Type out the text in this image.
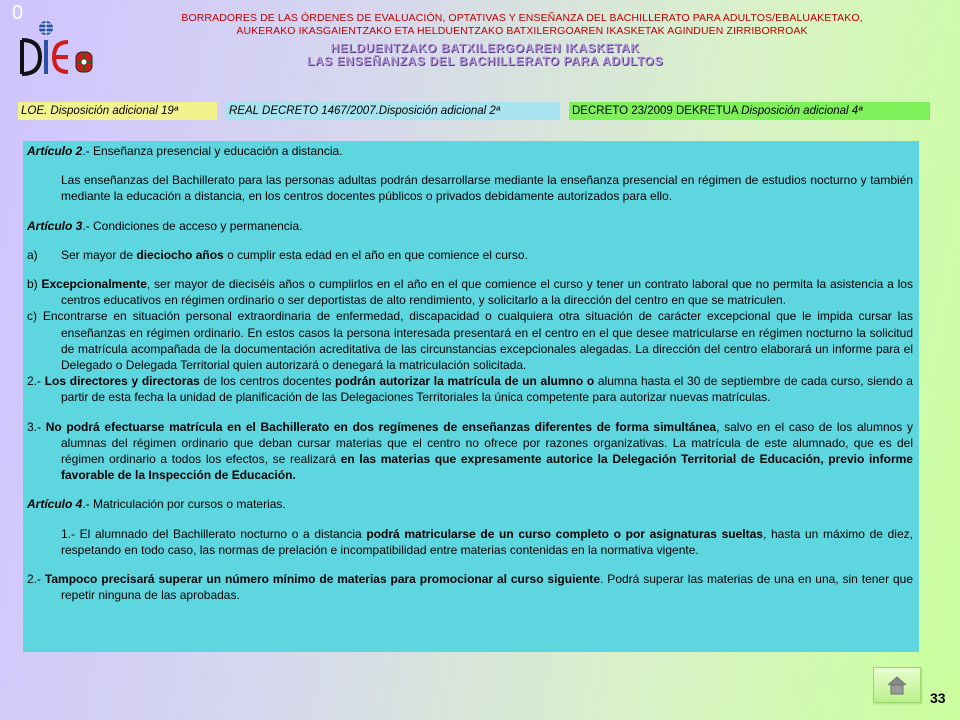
0	BORRADORES DE LAS ÓRDENES DE EVALUACIÓN, OPTATIVAS Y ENSEÑANZA DEL BACHILLERATO PARA ADULTOS/EBALUAKETAKO,
AUKERAKO IKASGAIENTZAKO ETA HELDUENTZAKO BATXILERGOAREN IKASKETAK AGINDUEN ZIRRIBORROAK
HELDUENTZAKO BATXILERGOAREN IKASKETAK
LAS ENSEÑANZAS DEL BACHILLERATO PARA ADULTOS
LOE. Disposición adicional 19ª	REAL DECRETO 1467/2007.Disposición adicional 2ª	DECRETO 23/2009 DEKRETUA Disposición adicional 4ª

Artículo 2.- Enseñanza presencial y educación a distancia.

Las enseñanzas del Bachillerato para las personas adultas podrán desarrollarse mediante la enseñanza presencial en régimen de estudios nocturno y también mediante la educación a distancia, en los centros docentes públicos o privados debidamente autorizados para ello.

Artículo 3.- Condiciones de acceso y permanencia.

a) Ser mayor de dieciocho años o cumplir esta edad en el año en que comience el curso.

b) Excepcionalmente, ser mayor de dieciséis años o cumplirlos en el año en el que comience el curso y tener un contrato laboral que no permita la asistencia a los centros educativos en régimen ordinario o ser deportistas de alto rendimiento, y solicitarlo a la dirección del centro en que se matriculen.

c) Encontrarse en situación personal extraordinaria de enfermedad, discapacidad o cualquiera otra situación de carácter excepcional que le impida cursar las enseñanzas en régimen ordinario. En estos casos la persona interesada presentará en el centro en el que desee matricularse en régimen nocturno la solicitud de matrícula acompañada de la documentación acreditativa de las circunstancias excepcionales alegadas. La dirección del centro elaborará un informe para el Delegado o Delegada Territorial quien autorizará o denegará la matriculación solicitada.

2.- Los directores y directoras de los centros docentes podrán autorizar la matrícula de un alumno o alumna hasta el 30 de septiembre de cada curso, siendo a partir de esta fecha la unidad de planificación de las Delegaciones Territoriales la única competente para autorizar nuevas matrículas.

3.- No podrá efectuarse matrícula en el Bachillerato en dos regímenes de enseñanzas diferentes de forma simultánea, salvo en el caso de los alumnos y alumnas del régimen ordinario que deban cursar materias que el centro no ofrece por razones organizativas. La matrícula de este alumnado, que es del régimen ordinario a todos los efectos, se realizará en las materias que expresamente autorice la Delegación Territorial de Educación, previo informe favorable de la Inspección de Educación.

Artículo 4.- Matriculación por cursos o materias.

1.- El alumnado del Bachillerato nocturno o a distancia podrá matricularse de un curso completo o por asignaturas sueltas, hasta un máximo de diez, respetando en todo caso, las normas de prelación e incompatibilidad entre materias contenidas en la normativa vigente.

2.- Tampoco precisará superar un número mínimo de materias para promocionar al curso siguiente. Podrá superar las materias de una en una, sin tener que repetir ninguna de las aprobadas.

33
